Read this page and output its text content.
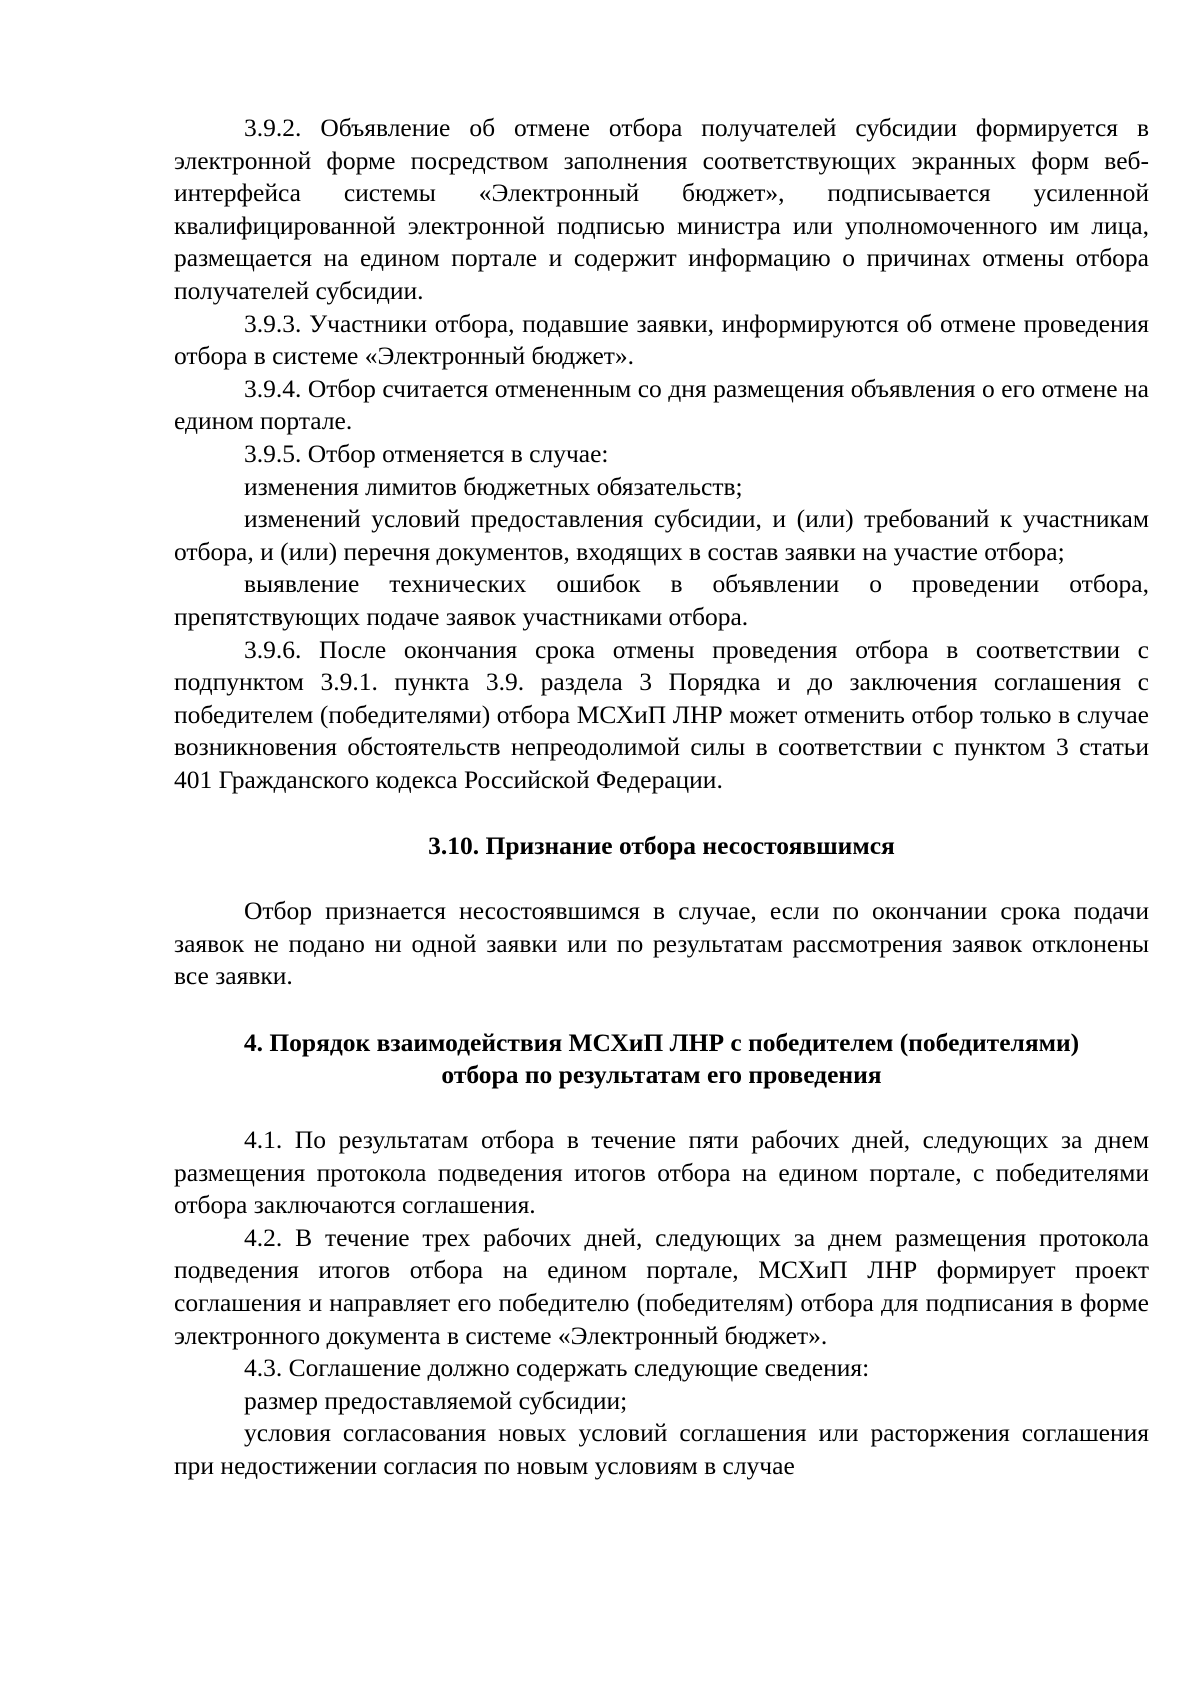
3.9.2. Объявление об отмене отбора получателей субсидии формируется в электронной форме посредством заполнения соответствующих экранных форм веб-интерфейса системы «Электронный бюджет», подписывается усиленной квалифицированной электронной подписью министра или уполномоченного им лица, размещается на едином портале и содержит информацию о причинах отмены отбора получателей субсидии.

3.9.3. Участники отбора, подавшие заявки, информируются об отмене проведения отбора в системе «Электронный бюджет».

3.9.4. Отбор считается отмененным со дня размещения объявления о его отмене на едином портале.

3.9.5. Отбор отменяется в случае:

изменения лимитов бюджетных обязательств;

изменений условий предоставления субсидии, и (или) требований к участникам отбора, и (или) перечня документов, входящих в состав заявки на участие отбора;

выявление технических ошибок в объявлении о проведении отбора, препятствующих подаче заявок участниками отбора.

3.9.6. После окончания срока отмены проведения отбора в соответствии с подпунктом 3.9.1. пункта 3.9. раздела 3 Порядка и до заключения соглашения с победителем (победителями) отбора МСХиП ЛНР может отменить отбор только в случае возникновения обстоятельств непреодолимой силы в соответствии с пунктом 3 статьи 401 Гражданского кодекса Российской Федерации.

3.10. Признание отбора несостоявшимся

Отбор признается несостоявшимся в случае, если по окончании срока подачи заявок не подано ни одной заявки или по результатам рассмотрения заявок отклонены все заявки.

4. Порядок взаимодействия МСХиП ЛНР с победителем (победителями)

отбора по результатам его проведения

4.1. По результатам отбора в течение пяти рабочих дней, следующих за днем размещения протокола подведения итогов отбора на едином портале, с победителями отбора заключаются соглашения.

4.2. В течение трех рабочих дней, следующих за днем размещения протокола подведения итогов отбора на едином портале, МСХиП ЛНР формирует проект соглашения и направляет его победителю (победителям) отбора для подписания в форме электронного документа в системе «Электронный бюджет».

4.3. Соглашение должно содержать следующие сведения:

размер предоставляемой субсидии;

условия согласования новых условий соглашения или расторжения соглашения при недостижении согласия по новым условиям в случае
